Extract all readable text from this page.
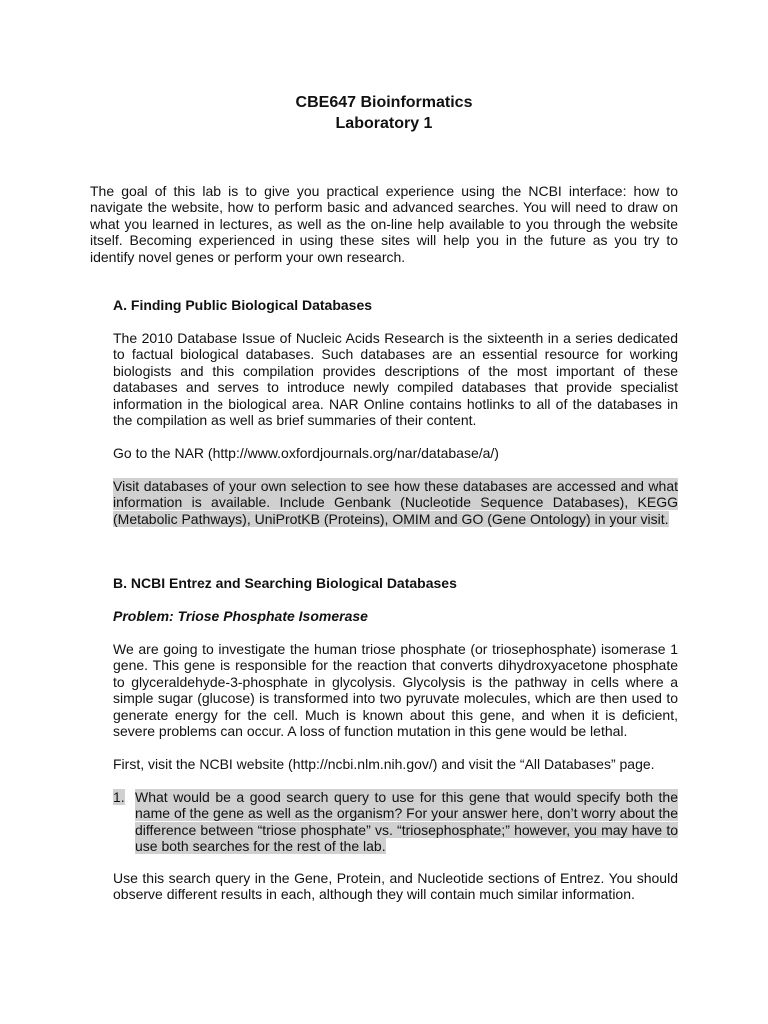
CBE647 Bioinformatics
Laboratory 1
The goal of this lab is to give you practical experience using the NCBI interface: how to navigate the website, how to perform basic and advanced searches. You will need to draw on what you learned in lectures, as well as the on-line help available to you through the website itself. Becoming experienced in using these sites will help you in the future as you try to identify novel genes or perform your own research.
A. Finding Public Biological Databases
The 2010 Database Issue of Nucleic Acids Research is the sixteenth in a series dedicated to factual biological databases. Such databases are an essential resource for working biologists and this compilation provides descriptions of the most important of these databases and serves to introduce newly compiled databases that provide specialist information in the biological area. NAR Online contains hotlinks to all of the databases in the compilation as well as brief summaries of their content.
Go to the NAR (http://www.oxfordjournals.org/nar/database/a/)
Visit databases of your own selection to see how these databases are accessed and what information is available. Include Genbank (Nucleotide Sequence Databases), KEGG (Metabolic Pathways), UniProtKB (Proteins), OMIM and GO (Gene Ontology) in your visit.
B. NCBI Entrez and Searching Biological Databases
Problem: Triose Phosphate Isomerase
We are going to investigate the human triose phosphate (or triosephosphate) isomerase 1 gene. This gene is responsible for the reaction that converts dihydroxyacetone phosphate to glyceraldehyde-3-phosphate in glycolysis. Glycolysis is the pathway in cells where a simple sugar (glucose) is transformed into two pyruvate molecules, which are then used to generate energy for the cell. Much is known about this gene, and when it is deficient, severe problems can occur. A loss of function mutation in this gene would be lethal.
First, visit the NCBI website (http://ncbi.nlm.nih.gov/) and visit the “All Databases” page.
1. What would be a good search query to use for this gene that would specify both the name of the gene as well as the organism? For your answer here, don’t worry about the difference between “triose phosphate” vs. “triosephosphate;” however, you may have to use both searches for the rest of the lab.
Use this search query in the Gene, Protein, and Nucleotide sections of Entrez. You should observe different results in each, although they will contain much similar information.
